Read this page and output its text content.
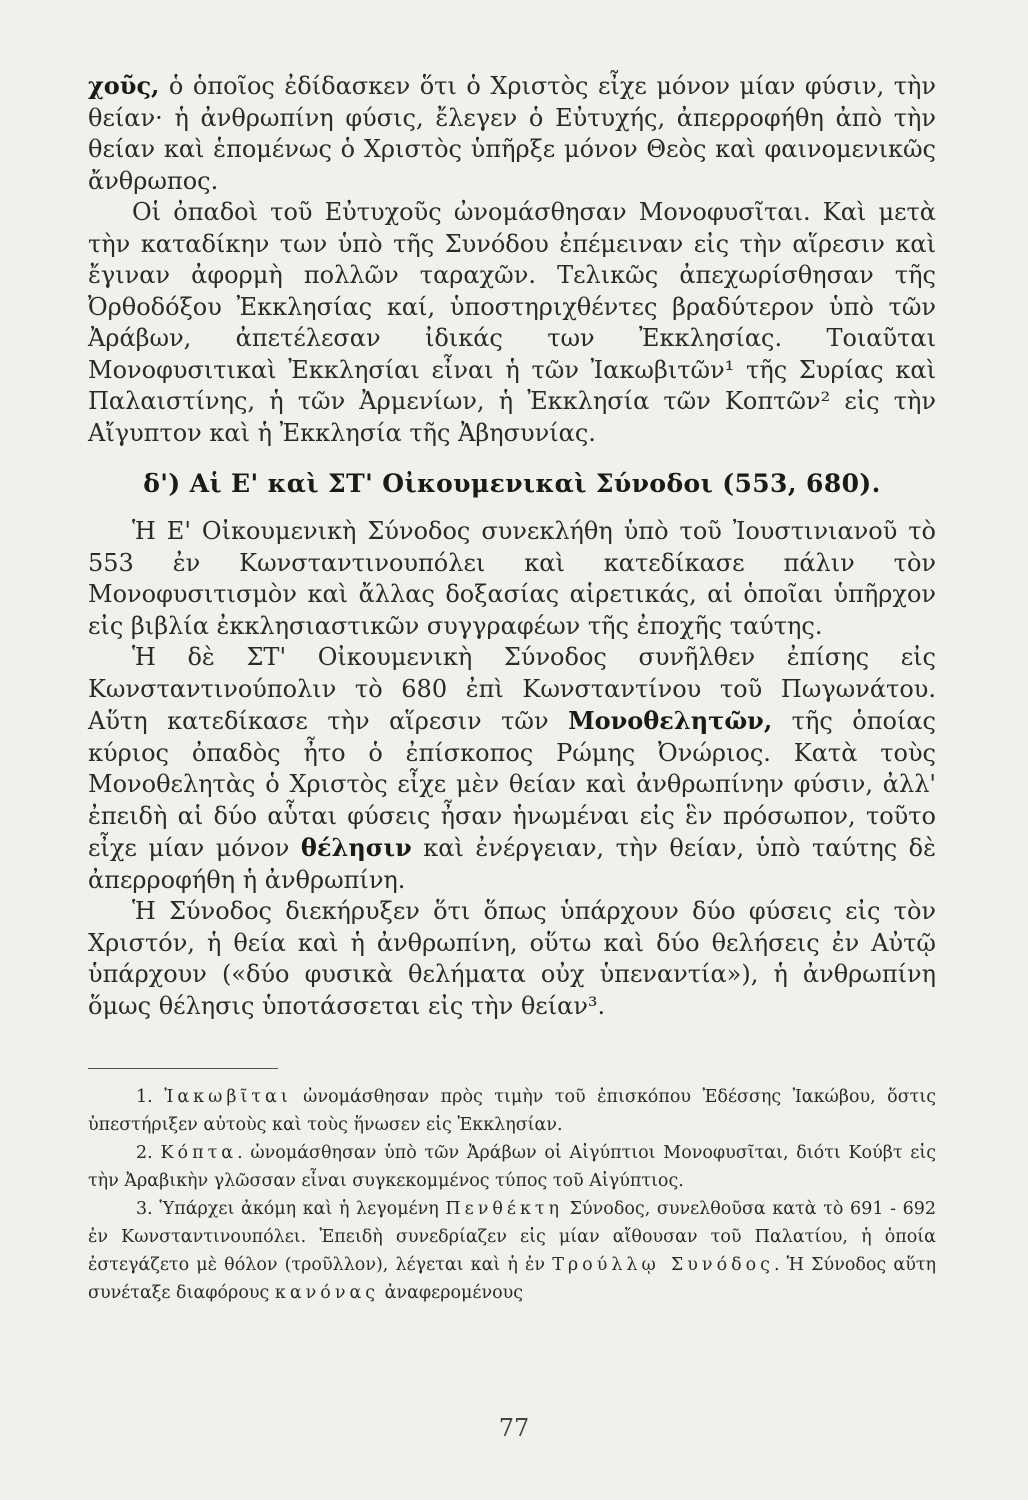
χοῦς, ὁ ὁποῖος ἐδίδασκεν ὅτι ὁ Χριστὸς εἶχε μόνον μίαν φύσιν, τὴν θείαν· ἡ ἀνθρωπίνη φύσις, ἔλεγεν ὁ Εὐτυχής, ἀπερροφήθη ἀπὸ τὴν θείαν καὶ ἑπομένως ὁ Χριστὸς ὑπῆρξε μόνον Θεὸς καὶ φαινομενικῶς ἄνθρωπος.

Οἱ ὀπαδοὶ τοῦ Εὐτυχοῦς ὠνομάσθησαν Μονοφυσῖται. Καὶ μετὰ τὴν καταδίκην των ὑπὸ τῆς Συνόδου ἐπέμειναν εἰς τὴν αἵρεσιν καὶ ἔγιναν ἀφορμὴ πολλῶν ταραχῶν. Τελικῶς ἀπεχωρίσθησαν τῆς Ὀρθοδόξου Ἐκκλησίας καί, ὑποστηριχθέντες βραδύτερον ὑπὸ τῶν Ἀράβων, ἀπετέλεσαν ἰδικάς των Ἐκκλησίας. Τοιαῦται Μονοφυσιτικαὶ Ἐκκλησίαι εἶναι ἡ τῶν Ἰακωβιτῶν¹ τῆς Συρίας καὶ Παλαιστίνης, ἡ τῶν Ἀρμενίων, ἡ Ἐκκλησία τῶν Κοπτῶν² εἰς τὴν Αἴγυπτον καὶ ἡ Ἐκκλησία τῆς Ἀβησυνίας.

δ') Αἱ Ε' καὶ ΣΤ' Οἰκουμενικαὶ Σύνοδοι (553, 680).

Ἡ Ε' Οἰκουμενικὴ Σύνοδος συνεκλήθη ὑπὸ τοῦ Ἰουστινιανοῦ τὸ 553 ἐν Κωνσταντινουπόλει καὶ κατεδίκασε πάλιν τὸν Μονοφυσιτισμὸν καὶ ἄλλας δοξασίας αἱρετικάς, αἱ ὁποῖαι ὑπῆρχον εἰς βιβλία ἐκκλησιαστικῶν συγγραφέων τῆς ἐποχῆς ταύτης.

Ἡ δὲ ΣΤ' Οἰκουμενικὴ Σύνοδος συνῆλθεν ἐπίσης εἰς Κωνσταντινούπολιν τὸ 680 ἐπὶ Κωνσταντίνου τοῦ Πωγωνάτου. Αὕτη κατεδίκασε τὴν αἵρεσιν τῶν Μονοθελητῶν, τῆς ὁποίας κύριος ὀπαδὸς ἦτο ὁ ἐπίσκοπος Ρώμης Ὀνώριος. Κατὰ τοὺς Μονοθελητὰς ὁ Χριστὸς εἶχε μὲν θείαν καὶ ἀνθρωπίνην φύσιν, ἀλλ' ἐπειδὴ αἱ δύο αὗται φύσεις ἦσαν ἡνωμέναι εἰς ἓν πρόσωπον, τοῦτο εἶχε μίαν μόνον θέλησιν καὶ ἐνέργειαν, τὴν θείαν, ὑπὸ ταύτης δὲ ἀπερροφήθη ἡ ἀνθρωπίνη.

Ἡ Σύνοδος διεκήρυξεν ὅτι ὅπως ὑπάρχουν δύο φύσεις εἰς τὸν Χριστόν, ἡ θεία καὶ ἡ ἀνθρωπίνη, οὕτω καὶ δύο θελήσεις ἐν Αὐτῷ ὑπάρχουν («δύο φυσικὰ θελήματα οὐχ ὑπεναντία»), ἡ ἀνθρωπίνη ὅμως θέλησις ὑποτάσσεται εἰς τὴν θείαν³.

1. Ἰακωβῖται ὠνομάσθησαν πρὸς τιμὴν τοῦ ἐπισκόπου Ἐδέσσης Ἰακώβου, ὅστις ὑπεστήριξεν αὐτοὺς καὶ τοὺς ἥνωσεν εἰς Ἐκκλησίαν.

2. Κόπτα. ὠνομάσθησαν ὑπὸ τῶν Ἀράβων οἱ Αἰγύπτιοι Μονοφυσῖται, διότι Κούβτ εἰς τὴν Ἀραβικὴν γλῶσσαν εἶναι συγκεκομμένος τύπος τοῦ Αἰγύπτιος.

3. Ὑπάρχει ἀκόμη καὶ ἡ λεγομένη Πενθέκτη Σύνοδος, συνελθοῦσα κατὰ τὸ 691 - 692 ἐν Κωνσταντινουπόλει. Ἐπειδὴ συνεδρίαζεν εἰς μίαν αἴθουσαν τοῦ Παλατίου, ἡ ὁποία ἐστεγάζετο μὲ θόλον (τροῦλλον), λέγεται καὶ ἡ ἐν Τρούλλῳ Συνόδος. Ἡ Σύνοδος αὕτη συνέταξε διαφόρους κανόνας ἀναφερομένους

77
